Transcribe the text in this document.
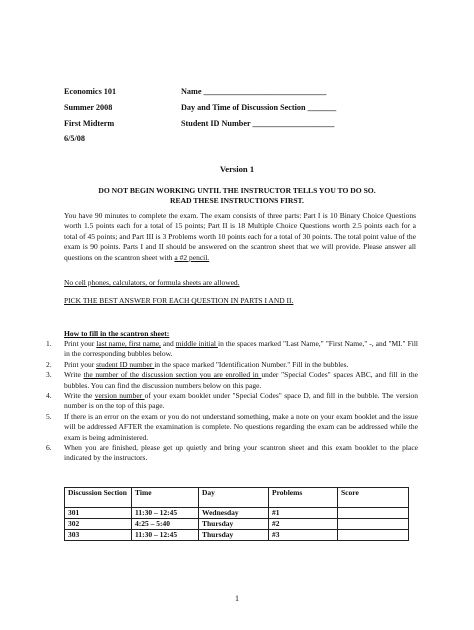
Economics 101
Summer 2008
First Midterm
6/5/08
Name ______________________________
Day and Time of Discussion Section _______
Student ID Number ____________________
Version 1
DO NOT BEGIN WORKING UNTIL THE INSTRUCTOR TELLS YOU TO DO SO.
READ THESE INSTRUCTIONS FIRST.
You have 90 minutes to complete the exam. The exam consists of three parts: Part I is 10 Binary Choice Questions worth 1.5 points each for a total of 15 points; Part II is 18 Multiple Choice Questions worth 2.5 points each for a total of 45 points; and Part III is 3 Problems worth 10 points each for a total of 30 points. The total point value of the exam is 90 points. Parts I and II should be answered on the scantron sheet that we will provide. Please answer all questions on the scantron sheet with a #2 pencil.
No cell phones, calculators, or formula sheets are allowed.
PICK THE BEST ANSWER FOR EACH QUESTION IN PARTS I AND II.
How to fill in the scantron sheet:
1. Print your last name, first name, and middle initial in the spaces marked "Last Name," "First Name," -, and "MI." Fill in the corresponding bubbles below.
2. Print your student ID number in the space marked "Identification Number." Fill in the bubbles.
3. Write the number of the discussion section you are enrolled in under "Special Codes" spaces ABC, and fill in the bubbles. You can find the discussion numbers below on this page.
4. Write the version number of your exam booklet under "Special Codes" space D, and fill in the bubble. The version number is on the top of this page.
5. If there is an error on the exam or you do not understand something, make a note on your exam booklet and the issue will be addressed AFTER the examination is complete. No questions regarding the exam can be addressed while the exam is being administered.
6. When you are finished, please get up quietly and bring your scantron sheet and this exam booklet to the place indicated by the instructors.
Discussion Section	Time	Day	Problems	Score
301	11:30 – 12:45	Wednesday	#1	
302	4:25 – 5:40	Thursday	#2	
303	11:30 – 12:45	Thursday	#3	
1
